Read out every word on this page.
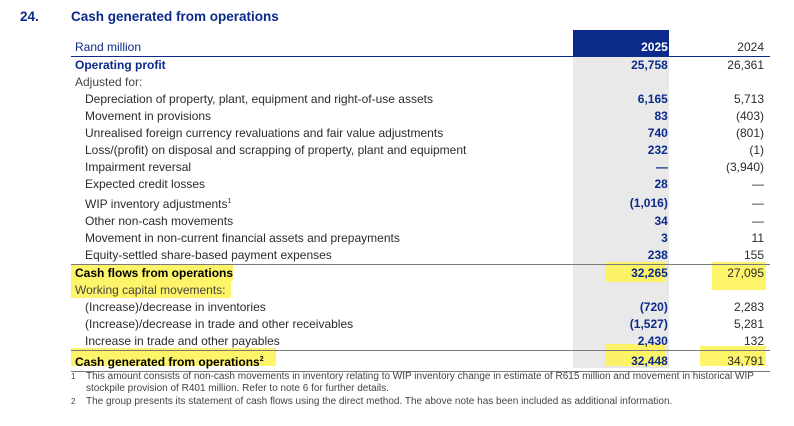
24. Cash generated from operations
Rand million	2025	2024
Operating profit	25,758	26,361
Adjusted for:		
Depreciation of property, plant, equipment and right-of-use assets	6,165	5,713
Movement in provisions	83	(403)
Unrealised foreign currency revaluations and fair value adjustments	740	(801)
Loss/(profit) on disposal and scrapping of property, plant and equipment	232	(1)
Impairment reversal	—	(3,940)
Expected credit losses	28	—
WIP inventory adjustments$^1$	(1,016)	—
Other non-cash movements	34	—
Movement in non-current financial assets and prepayments	3	11
Equity-settled share-based payment expenses	238	155
Cash flows from operations	32,265	27,095
Working capital movements:		
(Increase)/decrease in inventories	(720)	2,283
(Increase)/decrease in trade and other receivables	(1,527)	5,281
Increase in trade and other payables	2,430	132
Cash generated from operations$^2$	32,448	34,791
1	This amount consists of non-cash movements in inventory relating to WIP inventory change in estimate of R615 million and movement in historical WIP stockpile provision of R401 million. Refer to note 6 for further details.
2	The group presents its statement of cash flows using the direct method. The above note has been included as additional information.
